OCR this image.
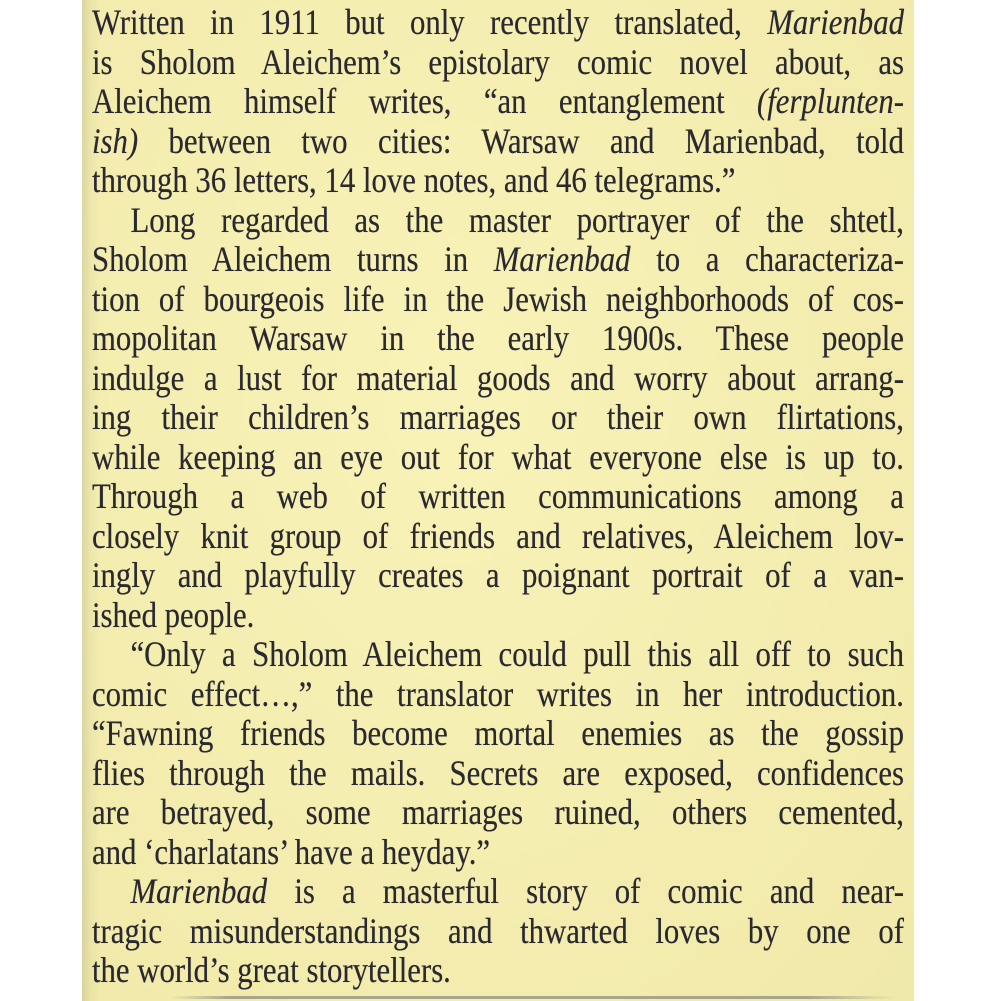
Written in 1911 but only recently translated, Marienbad
is Sholom Aleichem’s epistolary comic novel about, as
Aleichem himself writes, “an entanglement (ferplunten-
ish) between two cities: Warsaw and Marienbad, told
through 36 letters, 14 love notes, and 46 telegrams.”
Long regarded as the master portrayer of the shtetl,
Sholom Aleichem turns in Marienbad to a characteriza-
tion of bourgeois life in the Jewish neighborhoods of cos-
mopolitan Warsaw in the early 1900s. These people
indulge a lust for material goods and worry about arrang-
ing their children’s marriages or their own flirtations,
while keeping an eye out for what everyone else is up to.
Through a web of written communications among a
closely knit group of friends and relatives, Aleichem lov-
ingly and playfully creates a poignant portrait of a van-
ished people.
“Only a Sholom Aleichem could pull this all off to such
comic effect…,” the translator writes in her introduction.
“Fawning friends become mortal enemies as the gossip
flies through the mails. Secrets are exposed, confidences
are betrayed, some marriages ruined, others cemented,
and ‘charlatans’ have a heyday.”
Marienbad is a masterful story of comic and near-
tragic misunderstandings and thwarted loves by one of
the world’s great storytellers.
